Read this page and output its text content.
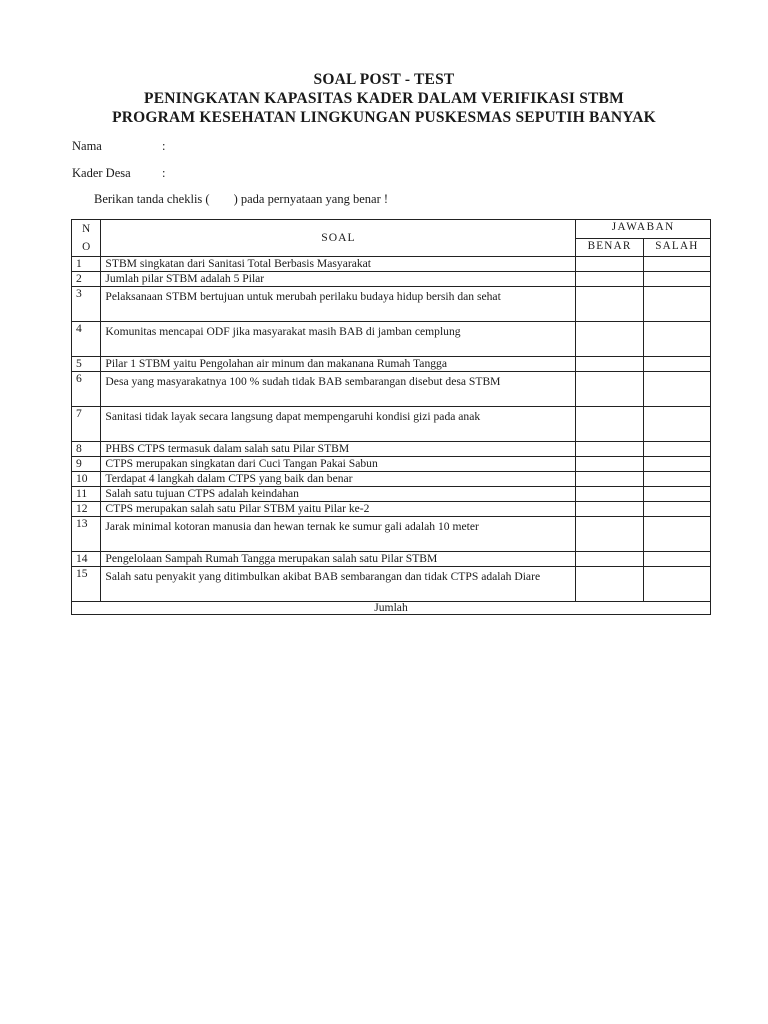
SOAL POST - TEST
PENINGKATAN KAPASITAS KADER DALAM VERIFIKASI STBM
PROGRAM KESEHATAN LINGKUNGAN PUSKESMAS SEPUTIH BANYAK
Nama	:
Kader Desa	:
Berikan tanda cheklis ( ) pada pernyataan yang benar !
N
O	SOAL	JAWABAN	
		BENAR	SALAH
1	STBM singkatan dari Sanitasi Total Berbasis Masyarakat		
2	Jumlah pilar STBM adalah 5 Pilar		
3	Pelaksanaan STBM bertujuan untuk merubah perilaku budaya hidup bersih dan sehat		
4	Komunitas mencapai ODF jika masyarakat masih BAB di jamban cemplung		
5	Pilar 1 STBM yaitu Pengolahan air minum dan makanana Rumah Tangga		
6	Desa yang masyarakatnya 100 % sudah tidak BAB sembarangan disebut desa STBM		
7	Sanitasi tidak layak secara langsung dapat mempengaruhi kondisi gizi pada anak		
8	PHBS CTPS termasuk dalam salah satu Pilar STBM		
9	CTPS merupakan singkatan dari Cuci Tangan Pakai Sabun		
10	Terdapat 4 langkah dalam CTPS yang baik dan benar		
11	Salah satu tujuan CTPS adalah keindahan		
12	CTPS merupakan salah satu Pilar STBM yaitu Pilar ke-2		
13	Jarak minimal kotoran manusia dan hewan ternak ke sumur gali adalah 10 meter		
14	Pengelolaan Sampah Rumah Tangga merupakan salah satu Pilar STBM		
15	Salah satu penyakit yang ditimbulkan akibat BAB sembarangan dan tidak CTPS adalah Diare		
Jumlah			
